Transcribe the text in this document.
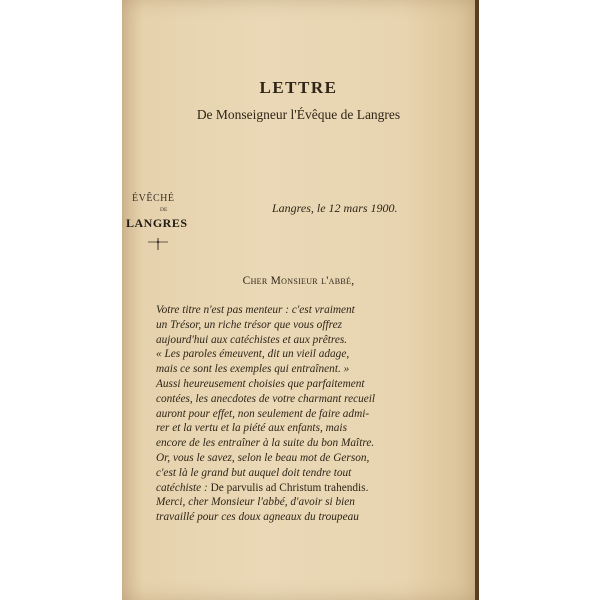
LETTRE
De Monseigneur l'Évêque de Langres
ÉVÊCHÉ
DE
LANGRES
Langres, le 12 mars 1900.
Cher Monsieur l'abbé,
Votre titre n'est pas menteur : c'est vraiment
un Trésor, un riche trésor que vous offrez
aujourd'hui aux catéchistes et aux prêtres.
« Les paroles émeuvent, dit un vieil adage,
mais ce sont les exemples qui entraînent. »
Aussi heureusement choisies que parfaitement
contées, les anecdotes de votre charmant recueil
auront pour effet, non seulement de faire admi-
rer et la vertu et la piété aux enfants, mais
encore de les entraîner à la suite du bon Maître.
Or, vous le savez, selon le beau mot de Gerson,
c'est là le grand but auquel doit tendre tout
catéchiste : De parvulis ad Christum trahendis.
Merci, cher Monsieur l'abbé, d'avoir si bien
travaillé pour ces doux agneaux du troupeau
